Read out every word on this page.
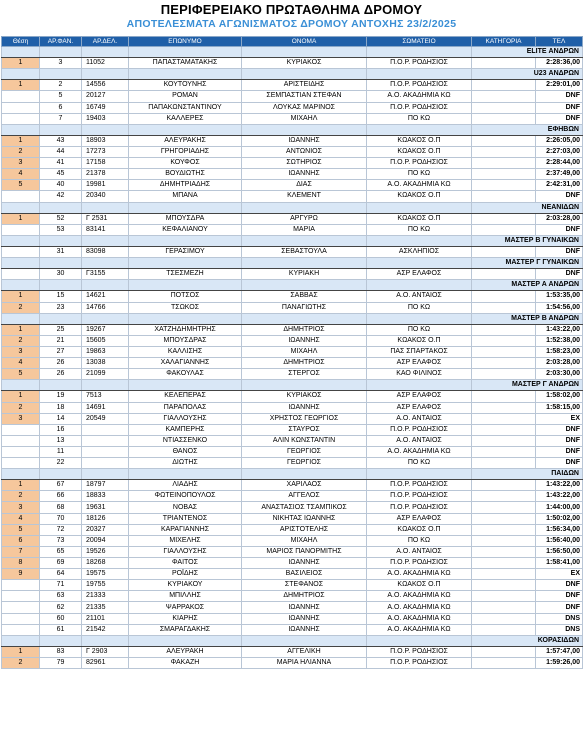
ΠΕΡΙΦΕΡΕΙΑΚΟ ΠΡΩΤΑΘΛΗΜΑ ΔΡΟΜΟΥ
ΑΠΟΤΕΛΕΣΜΑΤΑ ΑΓΩΝΙΣΜΑΤΟΣ ΔΡΟΜΟΥ ΑΝΤΟΧΗΣ 23/2/2025
Θέση	ΑΡ.ΦΑΝ.	ΑΡ.ΔΕΛ.	ΕΠΩΝΥΜΟ	ΟΝΟΜΑ	ΣΩΜΑΤΕΙΟ	ΚΑΤΗΓΟΡΙΑ	ΤΕΛ
						ELITE ΑΝΔΡΩΝ	
1	3	11052	ΠΑΠΑΣΤΑΜΑΤΑΚΗΣ	ΚΥΡΙΑΚΟΣ	Π.Ο.Ρ. ΡΟΔΗΣΙΟΣ		2:28:36,00
						U23 ΑΝΔΡΩΝ	
1	2	14556	ΚΟΥΤΟΥΝΗΣ	ΑΡΙΣΤΕΙΔΗΣ	Π.Ο.Ρ. ΡΟΔΗΣΙΟΣ		2:29:01,00
	5	20127	ΡΟΜΑΝ	ΣΕΜΠΑΣΤΙΑΝ ΣΤΕΦΑΝ	Α.Ο. ΑΚΑΔΗΜΙΑ ΚΩ		DNF
	6	16749	ΠΑΠΑΚΩΝΣΤΑΝΤΙΝΟΥ	ΛΟΥΚΑΣ ΜΑΡΙΝΟΣ	Π.Ο.Ρ. ΡΟΔΗΣΙΟΣ		DNF
	7	19403	ΚΑΛΛΕΡΕΣ	ΜΙΧΑΗΛ	ΠΟ ΚΩ		DNF
						ΕΦΗΒΩΝ	
1	43	18903	ΑΛΕΥΡΑΚΗΣ	ΙΩΑΝΝΗΣ	ΚΩΑΚΟΣ Ο.Π		2:26:05,00
2	44	17273	ΓΡΗΓΟΡΙΑΔΗΣ	ΑΝΤΩΝΙΟΣ	ΚΩΑΚΟΣ Ο.Π		2:27:03,00
3	41	17158	ΚΟΥΦΟΣ	ΣΩΤΗΡΙΟΣ	Π.Ο.Ρ. ΡΟΔΗΣΙΟΣ		2:28:44,00
4	45	21378	ΒΟΥΔΙΩΤΗΣ	ΙΩΑΝΝΗΣ	ΠΟ ΚΩ		2:37:49,00
5	40	19981	ΔΗΜΗΤΡΙΑΔΗΣ	ΔΙΑΣ	Α.Ο. ΑΚΑΔΗΜΙΑ ΚΩ		2:42:31,00
	42	20340	ΜΠΑΝΑ	ΚΛΕΜΕΝΤ	ΚΩΑΚΟΣ Ο.Π		DNF
						ΝΕΑΝΙΔΩΝ	
1	52	Γ 2531	ΜΠΟΥΣΔΡΑ	ΑΡΓΥΡΩ	ΚΩΑΚΟΣ Ο.Π		2:03:28,00
	53	83141	ΚΕΦΑΛΙΑΝΟΥ	ΜΑΡΙΑ	ΠΟ ΚΩ		DNF
						ΜΑΣΤΕΡ Β ΓΥΝΑΙΚΩΝ	
	31	83098	ΓΕΡΑΣΙΜΟΥ	ΣΕΒΑΣΤΟΥΛΑ	ΑΣΚΛΗΠΙΟΣ		DNF
						ΜΑΣΤΕΡ Γ ΓΥΝΑΙΚΩΝ	
	30	Γ3155	ΤΣΕΣΜΕΖΗ	ΚΥΡΙΑΚΗ	ΑΣΡ ΕΛΑΦΟΣ		DNF
						ΜΑΣΤΕΡ Α ΑΝΔΡΩΝ	
1	15	14621	ΠΟΤΣΟΣ	ΣΑΒΒΑΣ	Α.Ο. ΑΝΤΑΙΟΣ		1:53:35,00
2	23	14766	ΤΣΩΚΟΣ	ΠΑΝΑΓΙΩΤΗΣ	ΠΟ ΚΩ		1:54:56,00
						ΜΑΣΤΕΡ Β ΑΝΔΡΩΝ	
1	25	19267	ΧΑΤΖΗΔΗΜΗΤΡΗΣ	ΔΗΜΗΤΡΙΟΣ	ΠΟ ΚΩ		1:43:22,00
2	21	15605	ΜΠΟΥΣΔΡΑΣ	ΙΩΑΝΝΗΣ	ΚΩΑΚΟΣ Ο.Π		1:52:38,00
3	27	19863	ΚΑΛΛΙΣΗΣ	ΜΙΧΑΗΛ	ΠΑΣ ΣΠΑΡΤΑΚΟΣ		1:58:23,00
4	26	13038	ΧΑΛΑΓΙΑΝΝΗΣ	ΔΗΜΗΤΡΙΟΣ	ΑΣΡ ΕΛΑΦΟΣ		2:03:28,00
5	26	21099	ΦΑΚΟΥΛΑΣ	ΣΤΕΡΓΟΣ	ΚΑΟ ΦΙΛΙΝΟΣ		2:03:30,00
						ΜΑΣΤΕΡ Γ ΑΝΔΡΩΝ	
1	19	7513	ΚΕΛΕΠΕΡΑΣ	ΚΥΡΙΑΚΟΣ	ΑΣΡ ΕΛΑΦΟΣ		1:58:02,00
2	18	14691	ΠΑΡΑΠΟΛΑΣ	ΙΩΑΝΝΗΣ	ΑΣΡ ΕΛΑΦΟΣ		1:58:15,00
3	14	20549	ΓΙΑΛΛΟΥΣΗΣ	ΧΡΗΣΤΟΣ ΓΕΩΡΓΙΟΣ	Α.Ο. ΑΝΤΑΙΟΣ		EX
	16		ΚΑΜΠΕΡΗΣ	ΣΤΑΥΡΟΣ	Π.Ο.Ρ. ΡΟΔΗΣΙΟΣ		DNF
	13		ΝΤΙΑΣΣΕΝΚΟ	ΑΛΙΝ ΚΩΝΣΤΑΝΤΙΝ	Α.Ο. ΑΝΤΑΙΟΣ		DNF
	11		ΘΑΝΟΣ	ΓΕΩΡΓΙΟΣ	Α.Ο. ΑΚΑΔΗΜΙΑ ΚΩ		DNF
	22		ΔΙΩΤΗΣ	ΓΕΩΡΓΙΟΣ	ΠΟ ΚΩ		DNF
						ΠΑΙΔΩΝ	
1	67	18797	ΛΙΑΔΗΣ	ΧΑΡΙΛΑΟΣ	Π.Ο.Ρ. ΡΟΔΗΣΙΟΣ		1:43:22,00
2	66	18833	ΦΩΤΕΙΝΟΠΟΥΛΟΣ	ΑΓΓΕΛΟΣ	Π.Ο.Ρ. ΡΟΔΗΣΙΟΣ		1:43:22,00
3	68	19631	ΝΟΒΑΣ	ΑΝΑΣΤΑΣΙΟΣ ΤΣΑΜΠΙΚΟΣ	Π.Ο.Ρ. ΡΟΔΗΣΙΟΣ		1:44:00,00
4	70	18126	ΤΡΙΑΝΤΕΝΟΣ	ΝΙΚΗΤΑΣ ΙΩΑΝΝΗΣ	ΑΣΡ ΕΛΑΦΟΣ		1:50:02,00
5	72	20327	ΚΑΡΑΓΙΑΝΝΗΣ	ΑΡΙΣΤΟΤΕΛΗΣ	ΚΩΑΚΟΣ Ο.Π		1:56:34,00
6	73	20094	ΜΙΧΕΛΗΣ	ΜΙΧΑΗΛ	ΠΟ ΚΩ		1:56:40,00
7	65	19526	ΓΙΑΛΛΟΥΣΗΣ	ΜΑΡΙΟΣ ΠΑΝΟΡΜΙΤΗΣ	Α.Ο. ΑΝΤΑΙΟΣ		1:56:50,00
8	69	18268	ΦΑΙΤΟΣ	ΙΩΑΝΝΗΣ	Π.Ο.Ρ. ΡΟΔΗΣΙΟΣ		1:58:41,00
9	64	19575	ΡΟΪΔΗΣ	ΒΑΣΙΛΕΙΟΣ	Α.Ο. ΑΚΑΔΗΜΙΑ ΚΩ		EX
	71	19755	ΚΥΡΙΑΚΟΥ	ΣΤΕΦΑΝΟΣ	ΚΩΑΚΟΣ Ο.Π		DNF
	63	21333	ΜΠΙΛΛΗΣ	ΔΗΜΗΤΡΙΟΣ	Α.Ο. ΑΚΑΔΗΜΙΑ ΚΩ		DNF
	62	21335	ΨΑΡΡΑΚΟΣ	ΙΩΑΝΝΗΣ	Α.Ο. ΑΚΑΔΗΜΙΑ ΚΩ		DNF
	60	21101	ΚΙΑΡΗΣ	ΙΩΑΝΝΗΣ	Α.Ο. ΑΚΑΔΗΜΙΑ ΚΩ		DNS
	61	21542	ΣΜΑΡΑΓΔΑΚΗΣ	ΙΩΑΝΝΗΣ	Α.Ο. ΑΚΑΔΗΜΙΑ ΚΩ		DNS
						ΚΟΡΑΣΙΔΩΝ	
1	83	Γ 2903	ΑΛΕΥΡΑΚΗ	ΑΓΓΕΛΙΚΗ	Π.Ο.Ρ. ΡΟΔΗΣΙΟΣ		1:57:47,00
2	79	82961	ΦΑΚΑΖΗ	ΜΑΡΙΑ ΗΛΙΑΝΝΑ	Π.Ο.Ρ. ΡΟΔΗΣΙΟΣ		1:59:26,00
